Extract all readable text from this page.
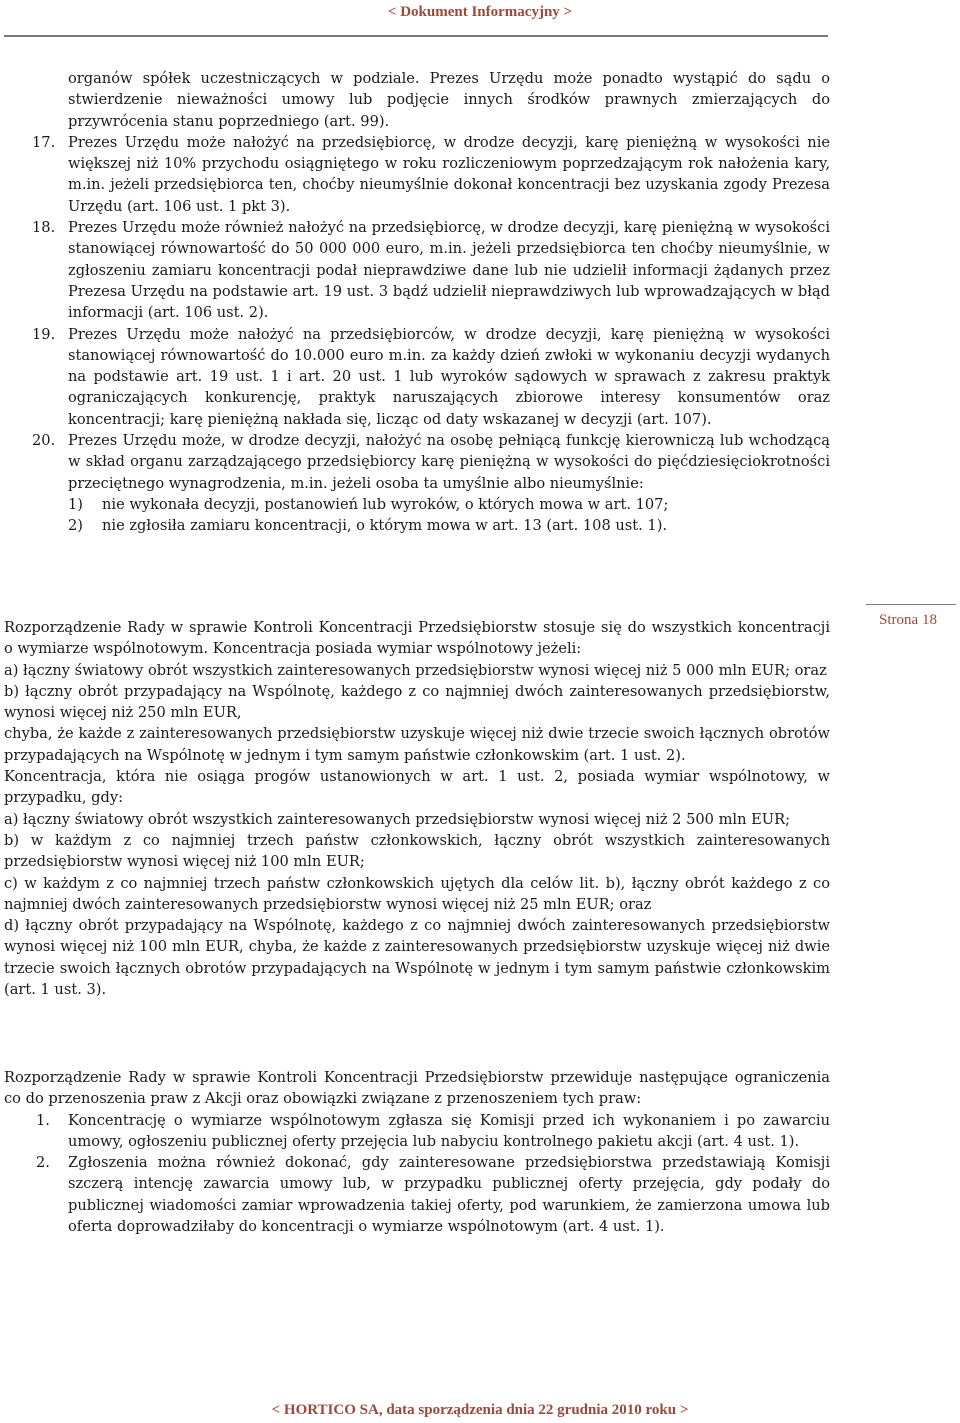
< Dokument Informacyjny >
organów spółek uczestniczących w podziale. Prezes Urzędu może ponadto wystąpić do sądu o stwierdzenie nieważności umowy lub podjęcie innych środków prawnych zmierzających do przywrócenia stanu poprzedniego (art. 99).
17. Prezes Urzędu może nałożyć na przedsiębiorcę, w drodze decyzji, karę pieniężną w wysokości nie większej niż 10% przychodu osiągniętego w roku rozliczeniowym poprzedzającym rok nałożenia kary, m.in. jeżeli przedsiębiorca ten, choćby nieumyślnie dokonał koncentracji bez uzyskania zgody Prezesa Urzędu (art. 106 ust. 1 pkt 3).
18. Prezes Urzędu może również nałożyć na przedsiębiorcę, w drodze decyzji, karę pieniężną w wysokości stanowiącej równowartość do 50 000 000 euro, m.in. jeżeli przedsiębiorca ten choćby nieumyślnie, w zgłoszeniu zamiaru koncentracji podał nieprawdziwe dane lub nie udzielił informacji żądanych przez Prezesa Urzędu na podstawie art. 19 ust. 3 bądź udzielił nieprawdziwych lub wprowadzających w błąd informacji (art. 106 ust. 2).
19. Prezes Urzędu może nałożyć na przedsiębiorców, w drodze decyzji, karę pieniężną w wysokości stanowiącej równowartość do 10.000 euro m.in. za każdy dzień zwłoki w wykonaniu decyzji wydanych na podstawie art. 19 ust. 1 i art. 20 ust. 1 lub wyroków sądowych w sprawach z zakresu praktyk ograniczających konkurencję, praktyk naruszających zbiorowe interesy konsumentów oraz koncentracji; karę pieniężną nakłada się, licząc od daty wskazanej w decyzji (art. 107).
20. Prezes Urzędu może, w drodze decyzji, nałożyć na osobę pełniącą funkcję kierowniczą lub wchodzącą w skład organu zarządzającego przedsiębiorcy karę pieniężną w wysokości do pięćdziesięciokrotności przeciętnego wynagrodzenia, m.in. jeżeli osoba ta umyślnie albo nieumyślnie:
1) nie wykonała decyzji, postanowień lub wyroków, o których mowa w art. 107;
2) nie zgłosiła zamiaru koncentracji, o którym mowa w art. 13 (art. 108 ust. 1).
Strona 18

Rozporządzenie Rady w sprawie Kontroli Koncentracji Przedsiębiorstw stosuje się do wszystkich koncentracji o wymiarze wspólnotowym. Koncentracja posiada wymiar wspólnotowy jeżeli:

a) łączny światowy obrót wszystkich zainteresowanych przedsiębiorstw wynosi więcej niż 5 000 mln EUR; oraz

b) łączny obrót przypadający na Wspólnotę, każdego z co najmniej dwóch zainteresowanych przedsiębiorstw, wynosi więcej niż 250 mln EUR,

chyba, że każde z zainteresowanych przedsiębiorstw uzyskuje więcej niż dwie trzecie swoich łącznych obrotów przypadających na Wspólnotę w jednym i tym samym państwie członkowskim (art. 1 ust. 2).

Koncentracja, która nie osiąga progów ustanowionych w art. 1 ust. 2, posiada wymiar wspólnotowy, w przypadku, gdy:

a) łączny światowy obrót wszystkich zainteresowanych przedsiębiorstw wynosi więcej niż 2 500 mln EUR;

b) w każdym z co najmniej trzech państw członkowskich, łączny obrót wszystkich zainteresowanych przedsiębiorstw wynosi więcej niż 100 mln EUR;

c) w każdym z co najmniej trzech państw członkowskich ujętych dla celów lit. b), łączny obrót każdego z co najmniej dwóch zainteresowanych przedsiębiorstw wynosi więcej niż 25 mln EUR; oraz

d) łączny obrót przypadający na Wspólnotę, każdego z co najmniej dwóch zainteresowanych przedsiębiorstw wynosi więcej niż 100 mln EUR, chyba, że każde z zainteresowanych przedsiębiorstw uzyskuje więcej niż dwie trzecie swoich łącznych obrotów przypadających na Wspólnotę w jednym i tym samym państwie członkowskim (art. 1 ust. 3).

Rozporządzenie Rady w sprawie Kontroli Koncentracji Przedsiębiorstw przewiduje następujące ograniczenia co do przenoszenia praw z Akcji oraz obowiązki związane z przenoszeniem tych praw:

1. Koncentrację o wymiarze wspólnotowym zgłasza się Komisji przed ich wykonaniem i po zawarciu umowy, ogłoszeniu publicznej oferty przejęcia lub nabyciu kontrolnego pakietu akcji (art. 4 ust. 1).
2. Zgłoszenia można również dokonać, gdy zainteresowane przedsiębiorstwa przedstawiają Komisji szczerą intencję zawarcia umowy lub, w przypadku publicznej oferty przejęcia, gdy podały do publicznej wiadomości zamiar wprowadzenia takiej oferty, pod warunkiem, że zamierzona umowa lub oferta doprowadziłaby do koncentracji o wymiarze wspólnotowym (art. 4 ust. 1).
< HORTICO SA, data sporządzenia dnia 22 grudnia 2010 roku >
